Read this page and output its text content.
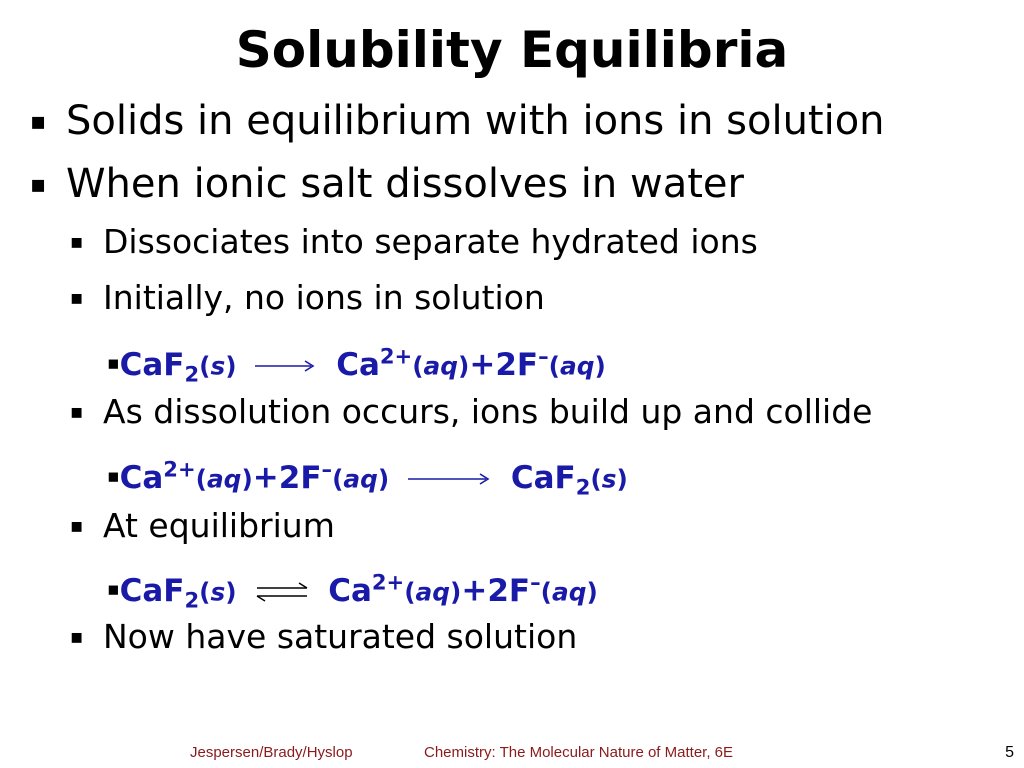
Solubility Equilibria
▪ Solids in equilibrium with ions in solution
▪ When ionic salt dissolves in water
▪ Dissociates into separate hydrated ions
▪ Initially, no ions in solution
▪CaF$_2$(s)	$Ca^{2+}(aq)+2F^-(aq)$
▪ As dissolution occurs, ions build up and collide
$▪Ca^{2+}(aq)+2F^-(aq)$	CaF$_2$(s)
▪ At equilibrium
▪CaF$_2$(s) ⇌ $Ca^{2+}(aq)+2F^-(aq)$
▪ Now have saturated solution
Jespersen/Brady/Hyslop	Chemistry: The Molecular Nature of Matter, 6E	5
